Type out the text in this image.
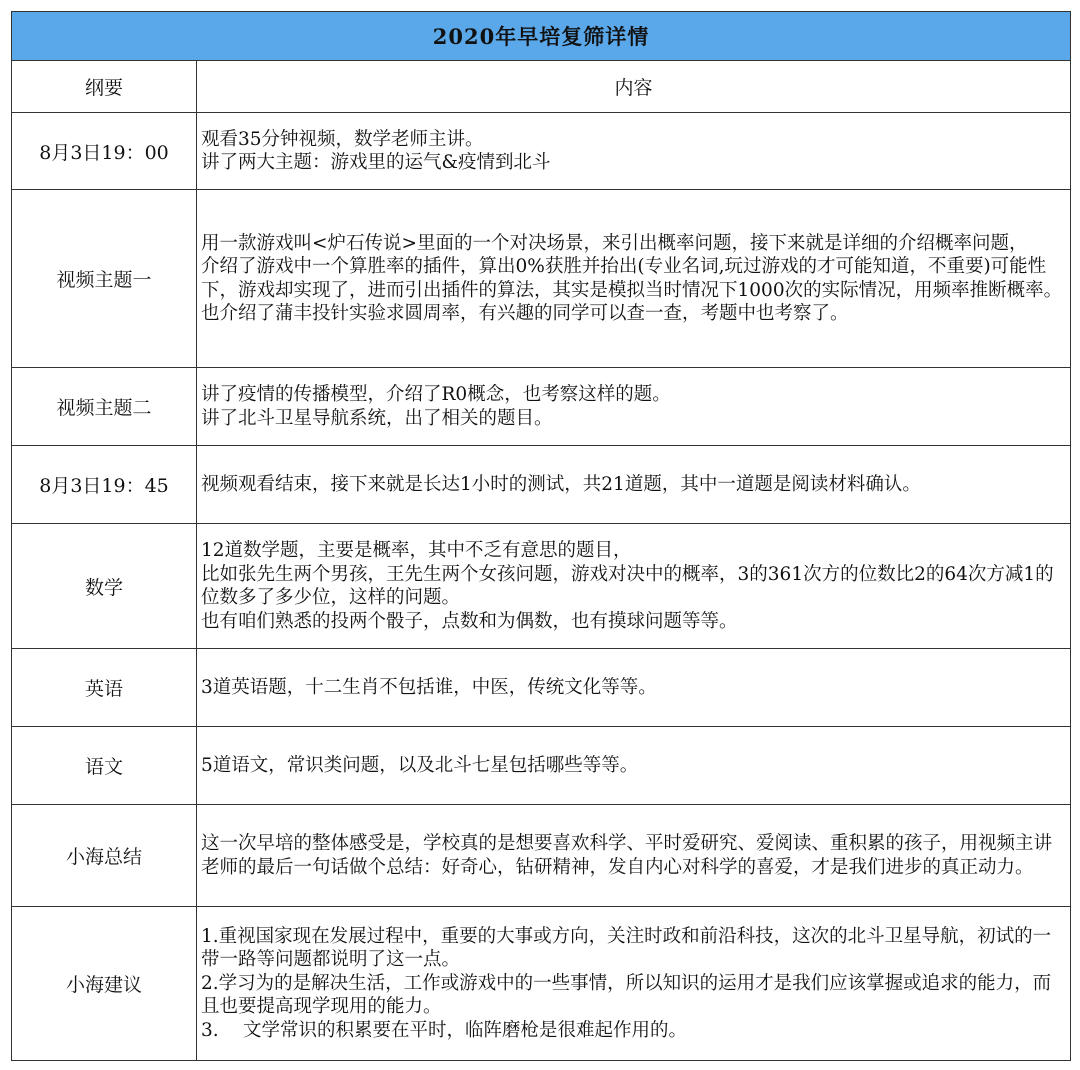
2020年早培复筛详情	
纲要	内容
8月3日19：00	观看35分钟视频，数学老师主讲。
讲了两大主题：游戏里的运气&疫情到北斗

视频主题一	用一款游戏叫<炉石传说>里面的一个对决场景，来引出概率问题，接下来就是详细的介绍概率问题，
介绍了游戏中一个算胜率的插件，算出0%获胜并抬出(专业名词,玩过游戏的才可能知道，不重要)可能性下，游戏却实现了，进而引出插件的算法，其实是模拟当时情况下1000次的实际情况，用频率推断概率。
也介绍了蒲丰投针实验求圆周率，有兴趣的同学可以查一查，考题中也考察了。

视频主题二	讲了疫情的传播模型，介绍了R0概念，也考察这样的题。
讲了北斗卫星导航系统，出了相关的题目。

8月3日19：45	视频观看结束，接下来就是长达1小时的测试，共21道题，其中一道题是阅读材料确认。

数学	12道数学题，主要是概率，其中不乏有意思的题目，
比如张先生两个男孩，王先生两个女孩问题，游戏对决中的概率，3的361次方的位数比2的64次方减1的位数多了多少位，这样的问题。
也有咱们熟悉的投两个骰子，点数和为偶数，也有摸球问题等等。

英语	3道英语题，十二生肖不包括谁，中医，传统文化等等。

语文	5道语文，常识类问题，以及北斗七星包括哪些等等。

小海总结	这一次早培的整体感受是，学校真的是想要喜欢科学、平时爱研究、爱阅读、重积累的孩子，用视频主讲老师的最后一句话做个总结：好奇心，钻研精神，发自内心对科学的喜爱，才是我们进步的真正动力。

小海建议	1.重视国家现在发展过程中，重要的大事或方向，关注时政和前沿科技，这次的北斗卫星导航，初试的一带一路等问题都说明了这一点。
2.学习为的是解决生活，工作或游戏中的一些事情，所以知识的运用才是我们应该掌握或追求的能力，而且也要提高现学现用的能力。
3.　 文学常识的积累要在平时，临阵磨枪是很难起作用的。
